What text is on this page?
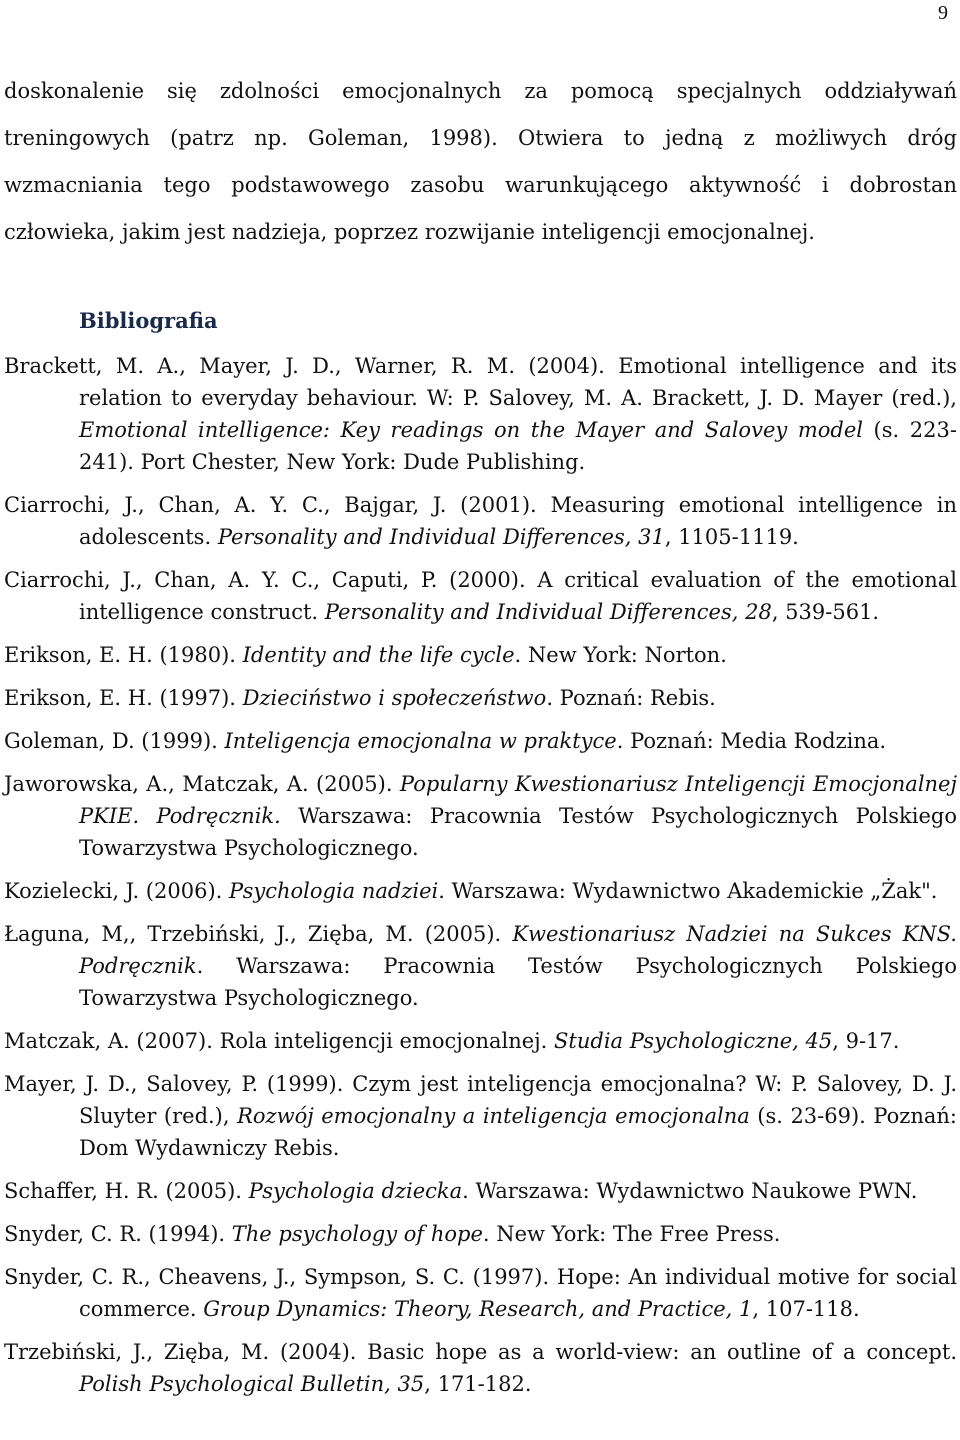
9

doskonalenie się zdolności emocjonalnych za pomocą specjalnych oddziaływań treningowych (patrz np. Goleman, 1998). Otwiera to jedną z możliwych dróg wzmacniania tego podstawowego zasobu warunkującego aktywność i dobrostan człowieka, jakim jest nadzieja, poprzez rozwijanie inteligencji emocjonalnej.

Bibliografia
Brackett, M. A., Mayer, J. D., Warner, R. M. (2004). Emotional intelligence and its relation to everyday behaviour. W: P. Salovey, M. A. Brackett, J. D. Mayer (red.), Emotional intelligence: Key readings on the Mayer and Salovey model (s. 223-241). Port Chester, New York: Dude Publishing.
Ciarrochi, J., Chan, A. Y. C., Bajgar, J. (2001). Measuring emotional intelligence in adolescents. Personality and Individual Differences, 31, 1105-1119.
Ciarrochi, J., Chan, A. Y. C., Caputi, P. (2000). A critical evaluation of the emotional intelligence construct. Personality and Individual Differences, 28, 539-561.
Erikson, E. H. (1980). Identity and the life cycle. New York: Norton.
Erikson, E. H. (1997). Dzieciństwo i społeczeństwo. Poznań: Rebis.
Goleman, D. (1999). Inteligencja emocjonalna w praktyce. Poznań: Media Rodzina.
Jaworowska, A., Matczak, A. (2005). Popularny Kwestionariusz Inteligencji Emocjonalnej PKIE. Podręcznik. Warszawa: Pracownia Testów Psychologicznych Polskiego Towarzystwa Psychologicznego.
Kozielecki, J. (2006). Psychologia nadziei. Warszawa: Wydawnictwo Akademickie „Żak".
Łaguna, M,, Trzebiński, J., Zięba, M. (2005). Kwestionariusz Nadziei na Sukces KNS. Podręcznik. Warszawa: Pracownia Testów Psychologicznych Polskiego Towarzystwa Psychologicznego.
Matczak, A. (2007). Rola inteligencji emocjonalnej. Studia Psychologiczne, 45, 9-17.
Mayer, J. D., Salovey, P. (1999). Czym jest inteligencja emocjonalna? W: P. Salovey, D. J. Sluyter (red.), Rozwój emocjonalny a inteligencja emocjonalna (s. 23-69). Poznań: Dom Wydawniczy Rebis.
Schaffer, H. R. (2005). Psychologia dziecka. Warszawa: Wydawnictwo Naukowe PWN.
Snyder, C. R. (1994). The psychology of hope. New York: The Free Press.
Snyder, C. R., Cheavens, J., Sympson, S. C. (1997). Hope: An individual motive for social commerce. Group Dynamics: Theory, Research, and Practice, 1, 107-118.
Trzebiński, J., Zięba, M. (2004). Basic hope as a world-view: an outline of a concept. Polish Psychological Bulletin, 35, 171-182.
